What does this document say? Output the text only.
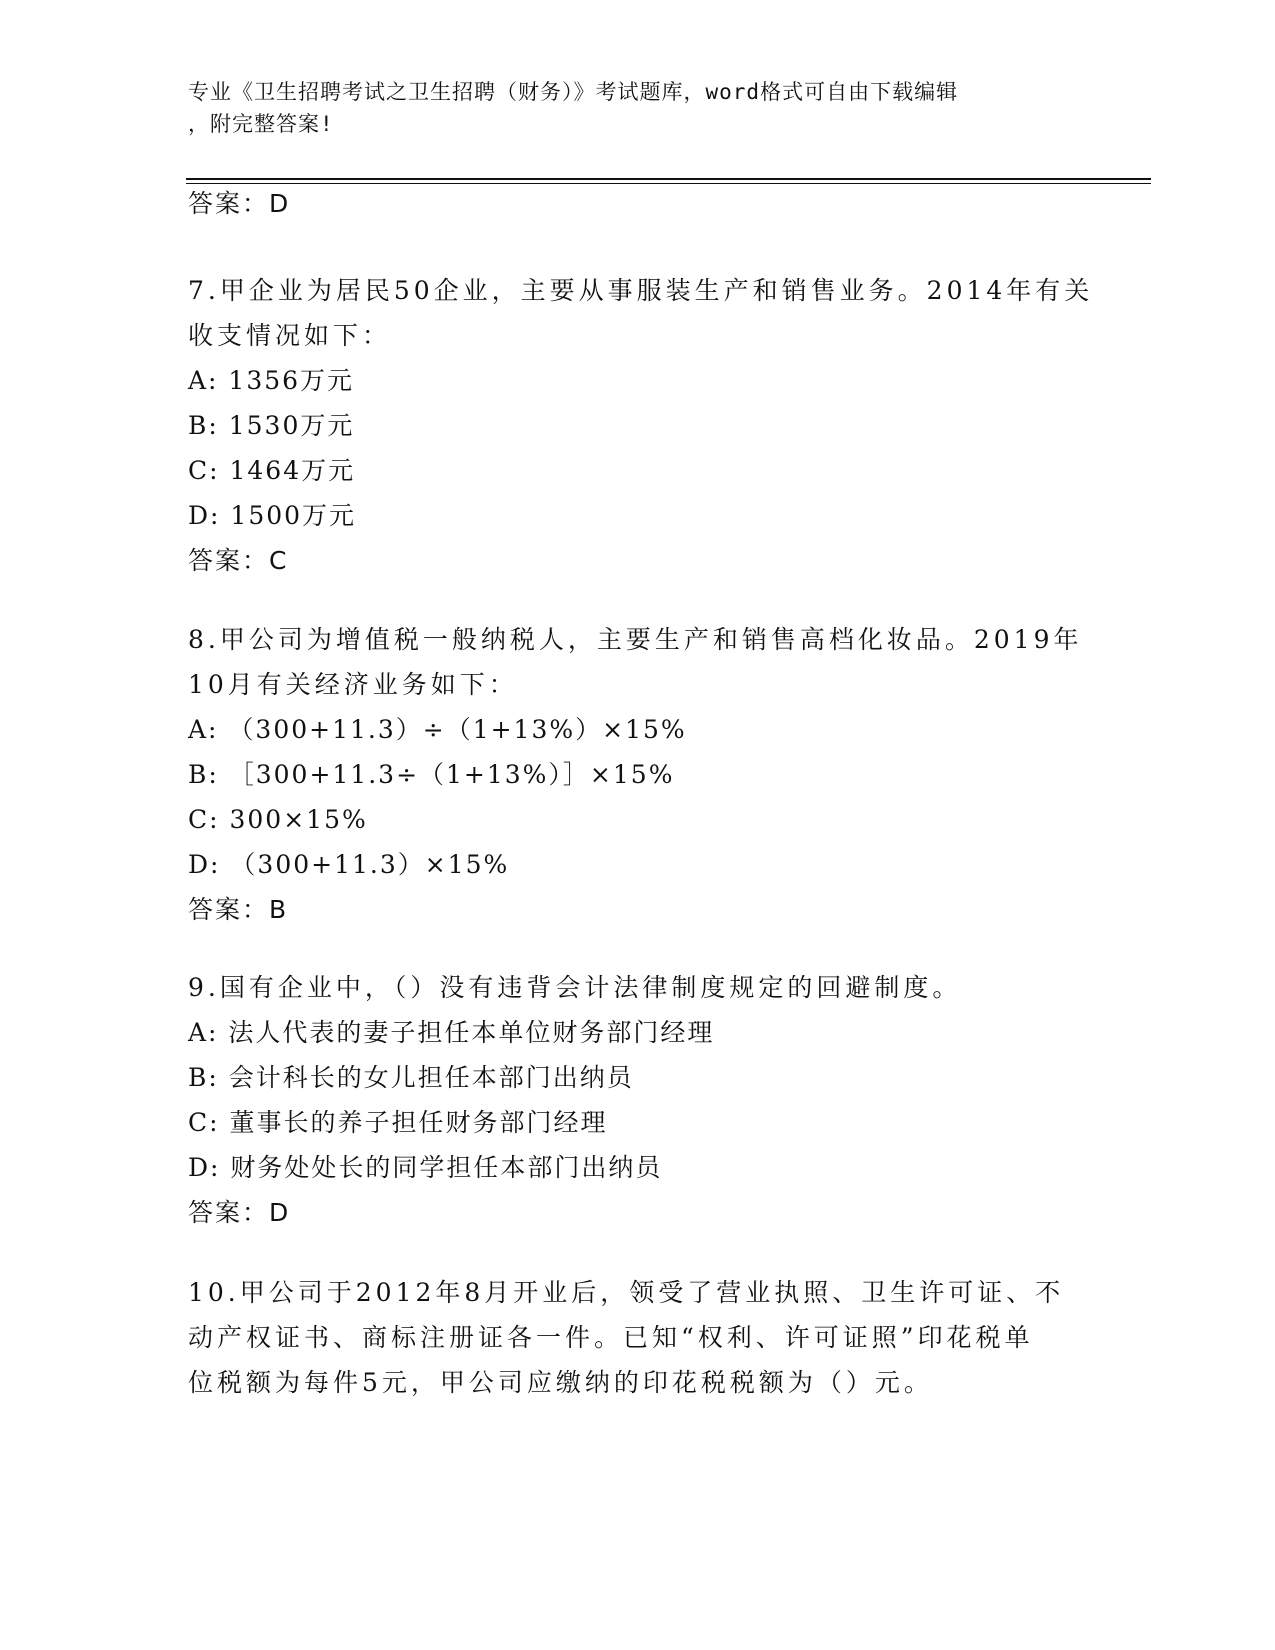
专业《卫生招聘考试之卫生招聘（财务）》考试题库，word格式可自由下载编辑
，附完整答案!
答案：D
7.甲企业为居民50企业，主要从事服装生产和销售业务。2014年有关
收支情况如下：
A: 1356万元
B: 1530万元
C: 1464万元
D: 1500万元
答案：C
8.甲公司为增值税一般纳税人，主要生产和销售高档化妆品。2019年
10月有关经济业务如下：
A: （300+11.3）÷（1+13%）×15%
B: ［300+11.3÷（1+13%）］×15%
C: 300×15%
D: （300+11.3）×15%
答案：B
9.国有企业中，（）没有违背会计法律制度规定的回避制度。
A: 法人代表的妻子担任本单位财务部门经理
B: 会计科长的女儿担任本部门出纳员
C: 董事长的养子担任财务部门经理
D: 财务处处长的同学担任本部门出纳员
答案：D
10.甲公司于2012年8月开业后，领受了营业执照、卫生许可证、不
动产权证书、商标注册证各一件。已知“权利、许可证照”印花税单
位税额为每件5元，甲公司应缴纳的印花税税额为（）元。
